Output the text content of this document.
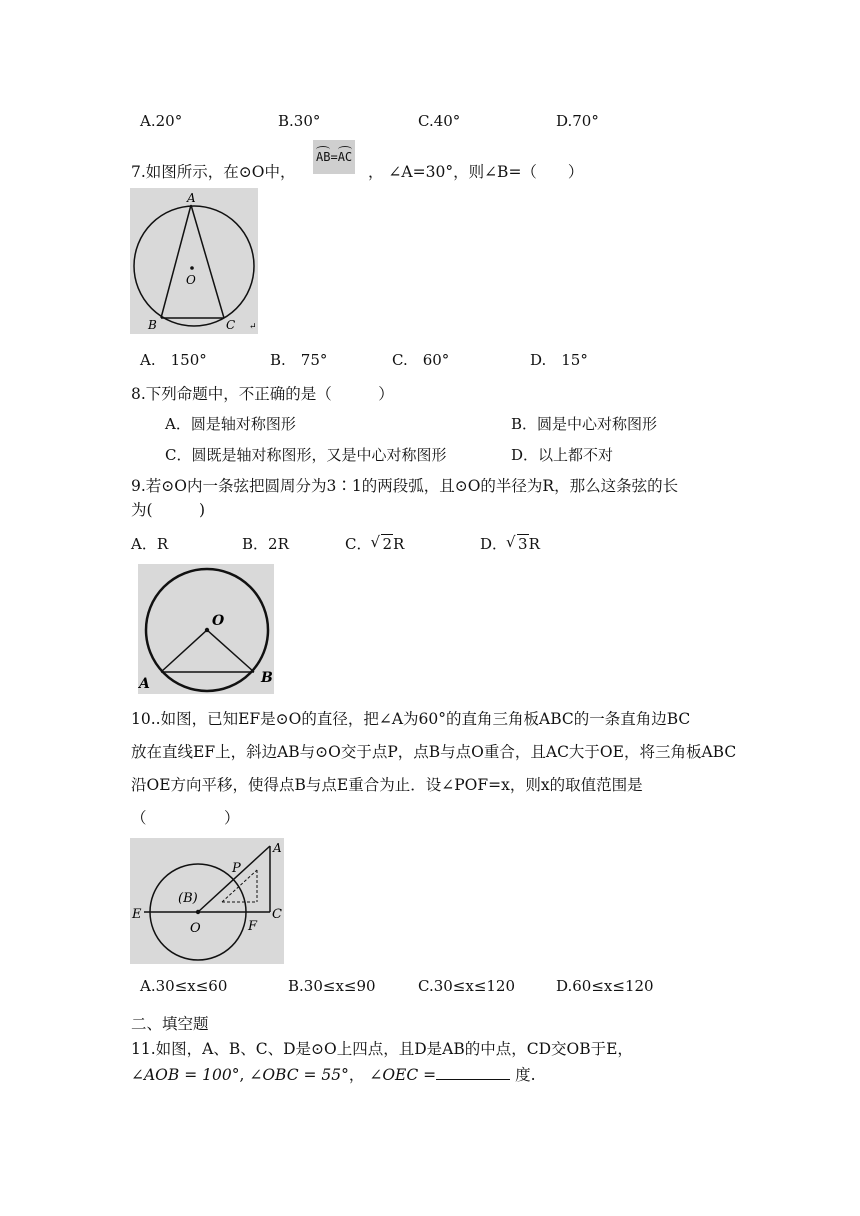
A.20°	B.30°	C.40°	D.70°
7.如图所示，在⊙O中，
AB=AC
， ∠A=30°，则∠B=（　　）
A
O
B	C ↵
A.　150°	B.　75°	C.　60°	D.　15°
8.下列命题中，不正确的是（　　　）
A．圆是轴对称图形	B．圆是中心对称图形
C．圆既是轴对称图形，又是中心对称图形	D．以上都不对
9.若⊙O内一条弦把圆周分为3∶1的两段弧，且⊙O的半径为R，那么这条弦的长
为(　　　)
A．R	B．2R	C． √ 2R	D． √ 3R
O
A	B
10..如图，已知EF是⊙O的直径，把∠A为60°的直角三角板ABC的一条直角边BC
放在直线EF上，斜边AB与⊙O交于点P，点B与点O重合，且AC大于OE，将三角板ABC
沿OE方向平移，使得点B与点E重合为止．设∠POF=x，则x的取值范围是
（　　　　　）
A
P
(B)
E
O	F
C
A.30≤x≤60	B.30≤x≤90	C.30≤x≤120	D.60≤x≤120
二、填空题
11.如图，A、B、C、D是⊙O上四点，且D是AB的中点，CD交OB于E，
∠AOB = 100°, ∠OBC = 55°， ∠OEC =	度.
